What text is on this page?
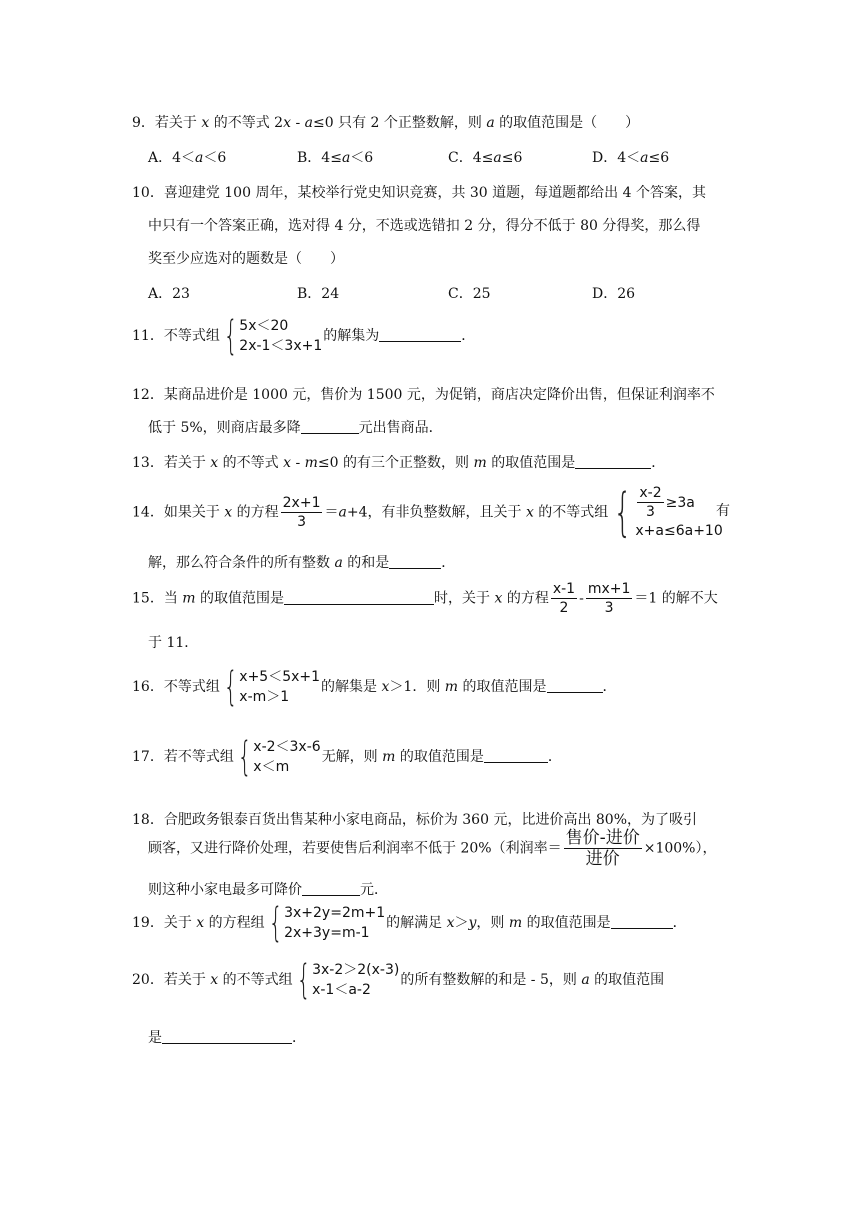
9．若关于 x 的不等式 2x - a≤0 只有 2 个正整数解，则 a 的取值范围是（　　）
A．4＜a＜6	B．4≤a＜6	C．4≤a≤6	D．4＜a≤6
10．喜迎建党 100 周年，某校举行党史知识竞赛，共 30 道题，每道题都给出 4 个答案，其
中只有一个答案正确，选对得 4 分，不选或选错扣 2 分，得分不低于 80 分得奖，那么得
奖至少应选对的题数是（　　）
A．23	B．24	C．25	D．26
11．不等式组 { 5x＜20
2x-1＜3x+1
的解集为	．
12．某商品进价是 1000 元，售价为 1500 元，为促销，商店决定降价出售，但保证利润率不
低于 5%，则商店最多降	元出售商品．
13．若关于 x 的不等式 x - m≤0 的有三个正整数，则 m 的取值范围是	．
14．如果关于 x 的方程 $\frac{2x+1}{3} =a+4$，有非负整数解，且关于 x 的不等式组 { $\frac{x-2}{3} \ge 3a$
x+a≤6a+10
有
解，那么符合条件的所有整数 a 的和是	．
15．当 m 的取值范围是	时，关于 x 的方程 $\frac{x-1}{2} - \frac{mx+1}{3} =1$ 的解不大
于 11．
16．不等式组 { x+5＜5x+1
x-m＞1
的解集是 x＞1．则 m 的取值范围是	．
17．若不等式组 { x-2＜3x-6
x＜m
无解，则 m 的取值范围是	．
18．合肥政务银泰百货出售某种小家电商品，标价为 360 元，比进价高出 80%，为了吸引
顾客，又进行降价处理，若要使售后利润率不低于 20%（利润率＝ $\frac{\text{售价-进价}}{\text{进价}} \times 100\%$），
则这种小家电最多可降价	元．
19．关于 x 的方程组 { 3x+2y=2m+1
2x+3y=m-1
的解满足 x＞y，则 m 的取值范围是	．
20．若关于 x 的不等式组 { 3x-2＞2(x-3)
x-1＜a-2
的所有整数解的和是 - 5，则 a 的取值范围
是	．
